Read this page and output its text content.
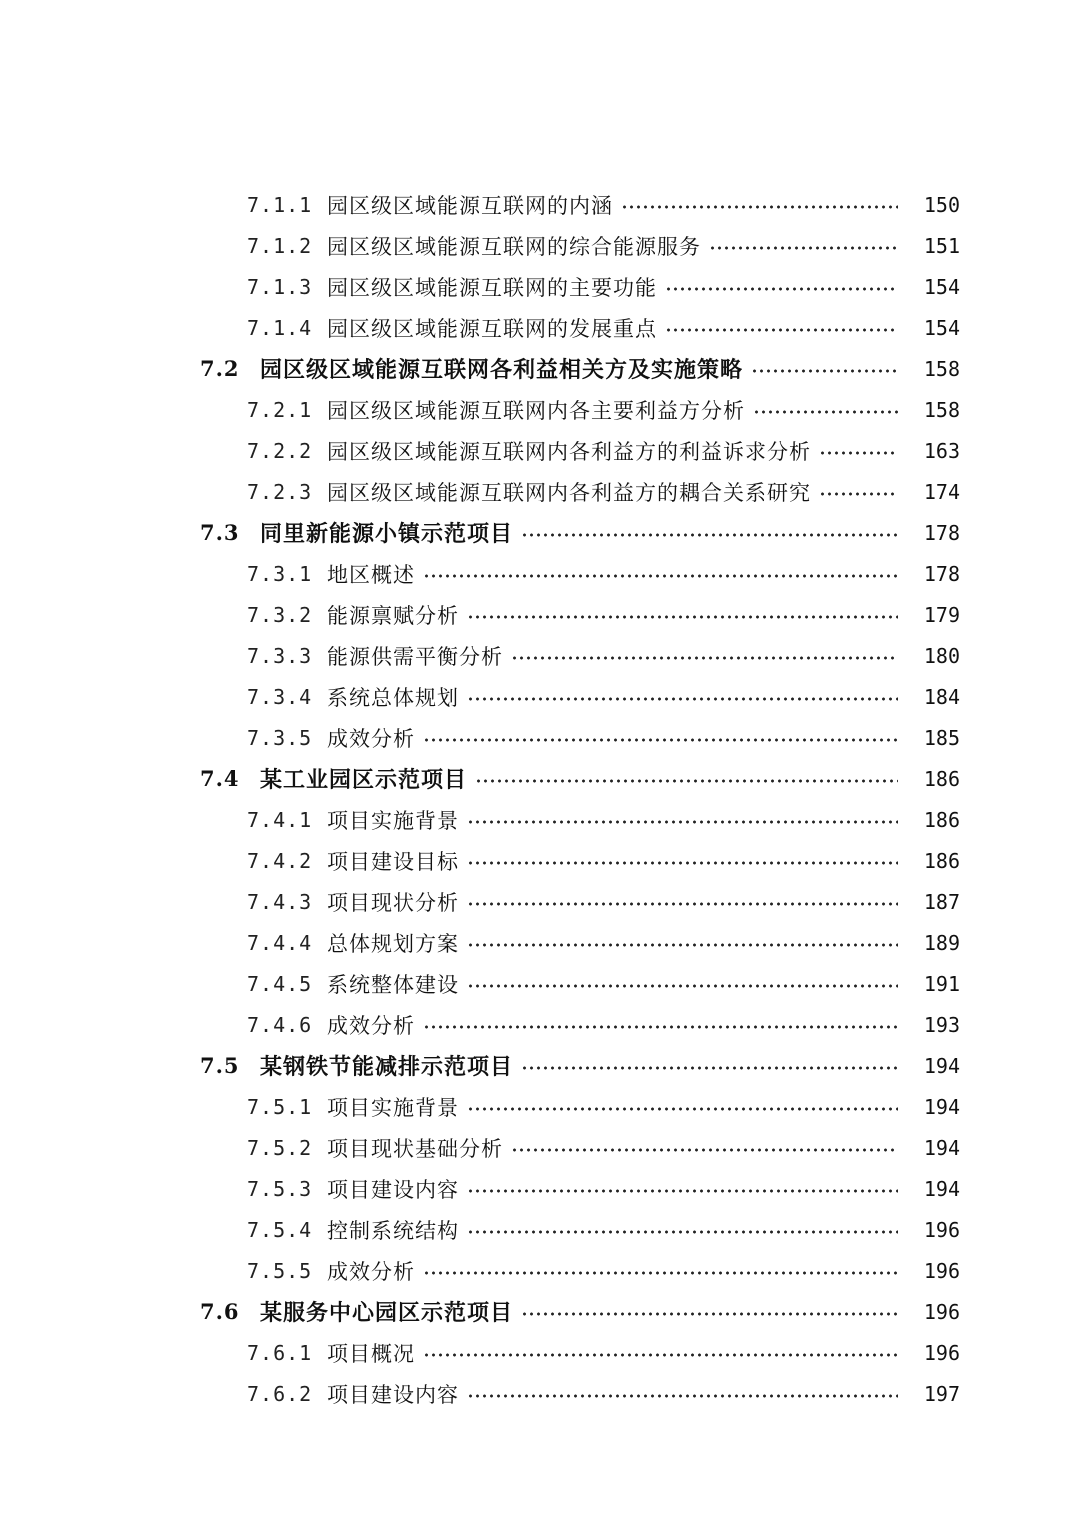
7.1.1 园区级区域能源互联网的内涵	150
7.1.2 园区级区域能源互联网的综合能源服务	151
7.1.3 园区级区域能源互联网的主要功能	154
7.1.4 园区级区域能源互联网的发展重点	154
7.2 园区级区域能源互联网各利益相关方及实施策略	158
7.2.1 园区级区域能源互联网内各主要利益方分析	158
7.2.2 园区级区域能源互联网内各利益方的利益诉求分析	163
7.2.3 园区级区域能源互联网内各利益方的耦合关系研究	174
7.3 同里新能源小镇示范项目	178
7.3.1 地区概述	178
7.3.2 能源禀赋分析	179
7.3.3 能源供需平衡分析	180
7.3.4 系统总体规划	184
7.3.5 成效分析	185
7.4 某工业园区示范项目	186
7.4.1 项目实施背景	186
7.4.2 项目建设目标	186
7.4.3 项目现状分析	187
7.4.4 总体规划方案	189
7.4.5 系统整体建设	191
7.4.6 成效分析	193
7.5 某钢铁节能减排示范项目	194
7.5.1 项目实施背景	194
7.5.2 项目现状基础分析	194
7.5.3 项目建设内容	194
7.5.4 控制系统结构	196
7.5.5 成效分析	196
7.6 某服务中心园区示范项目	196
7.6.1 项目概况	196
7.6.2 项目建设内容	197
